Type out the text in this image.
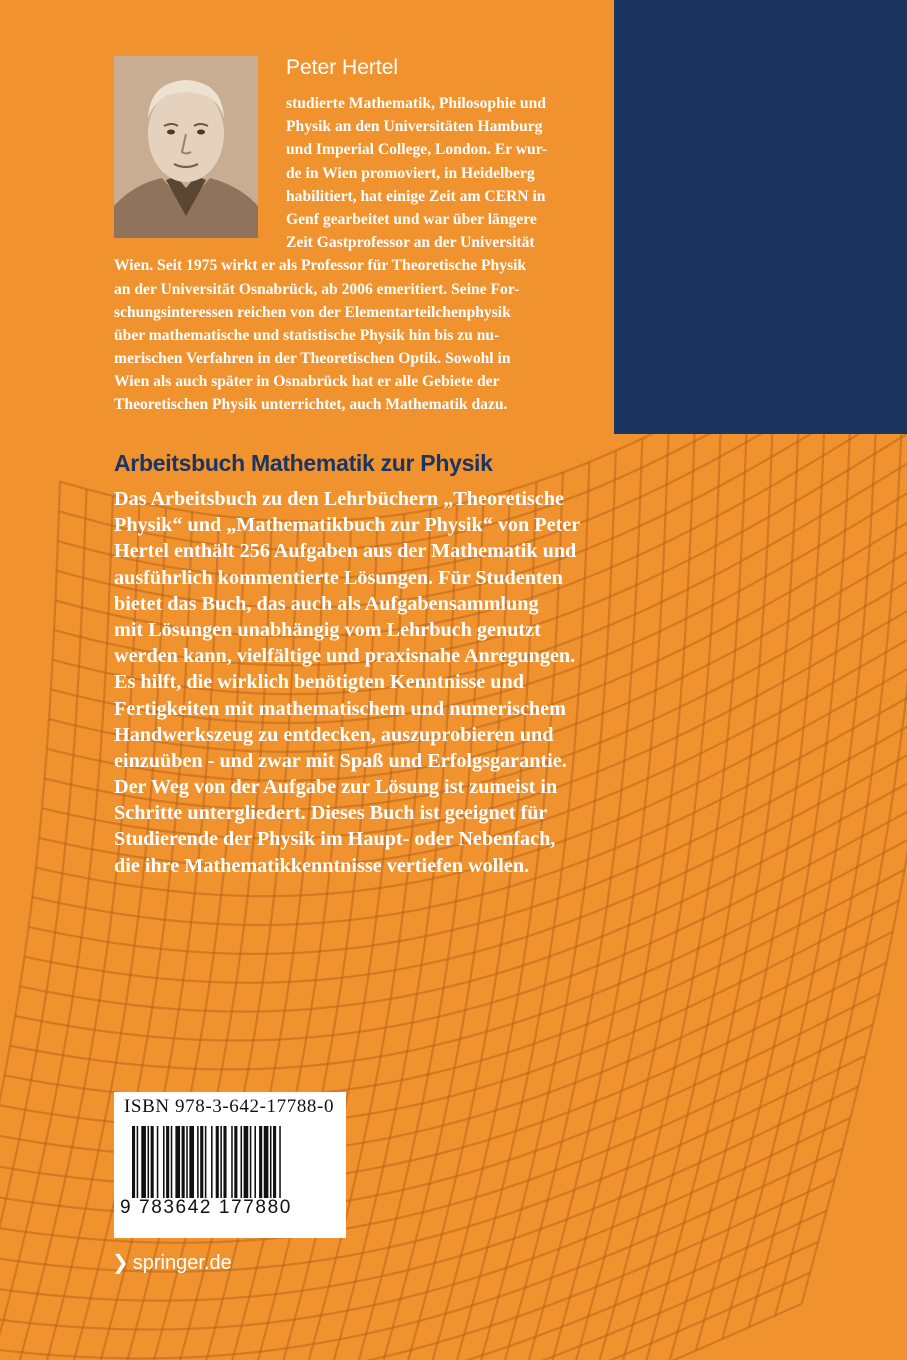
Peter Hertel
studierte Mathematik, Philosophie und
Physik an den Universitäten Hamburg
und Imperial College, London. Er wur-
de in Wien promoviert, in Heidelberg
habilitiert, hat einige Zeit am CERN in
Genf gearbeitet und war über längere
Zeit Gastprofessor an der Universität
Wien. Seit 1975 wirkt er als Professor für Theoretische Physik
an der Universität Osnabrück, ab 2006 emeritiert. Seine For-
schungsinteressen reichen von der Elementarteilchenphysik
über mathematische und statistische Physik hin bis zu nu-
merischen Verfahren in der Theoretischen Optik. Sowohl in
Wien als auch später in Osnabrück hat er alle Gebiete der
Theoretischen Physik unterrichtet, auch Mathematik dazu.
Arbeitsbuch Mathematik zur Physik
Das Arbeitsbuch zu den Lehrbüchern „Theoretische
Physik“ und „Mathematikbuch zur Physik“ von Peter
Hertel enthält 256 Aufgaben aus der Mathematik und
ausführlich kommentierte Lösungen. Für Studenten
bietet das Buch, das auch als Aufgabensammlung
mit Lösungen unabhängig vom Lehrbuch genutzt
werden kann, vielfältige und praxisnahe Anregungen.
Es hilft, die wirklich benötigten Kenntnisse und
Fertigkeiten mit mathematischem und numerischem
Handwerkszeug zu entdecken, auszuprobieren und
einzuüben - und zwar mit Spaß und Erfolgsgarantie.
Der Weg von der Aufgabe zur Lösung ist zumeist in
Schritte untergliedert. Dieses Buch ist geeignet für
Studierende der Physik im Haupt- oder Nebenfach,
die ihre Mathematikkenntnisse vertiefen wollen.
ISBN 978-3-642-17788-0
9 783642 177880
❯ springer.de
